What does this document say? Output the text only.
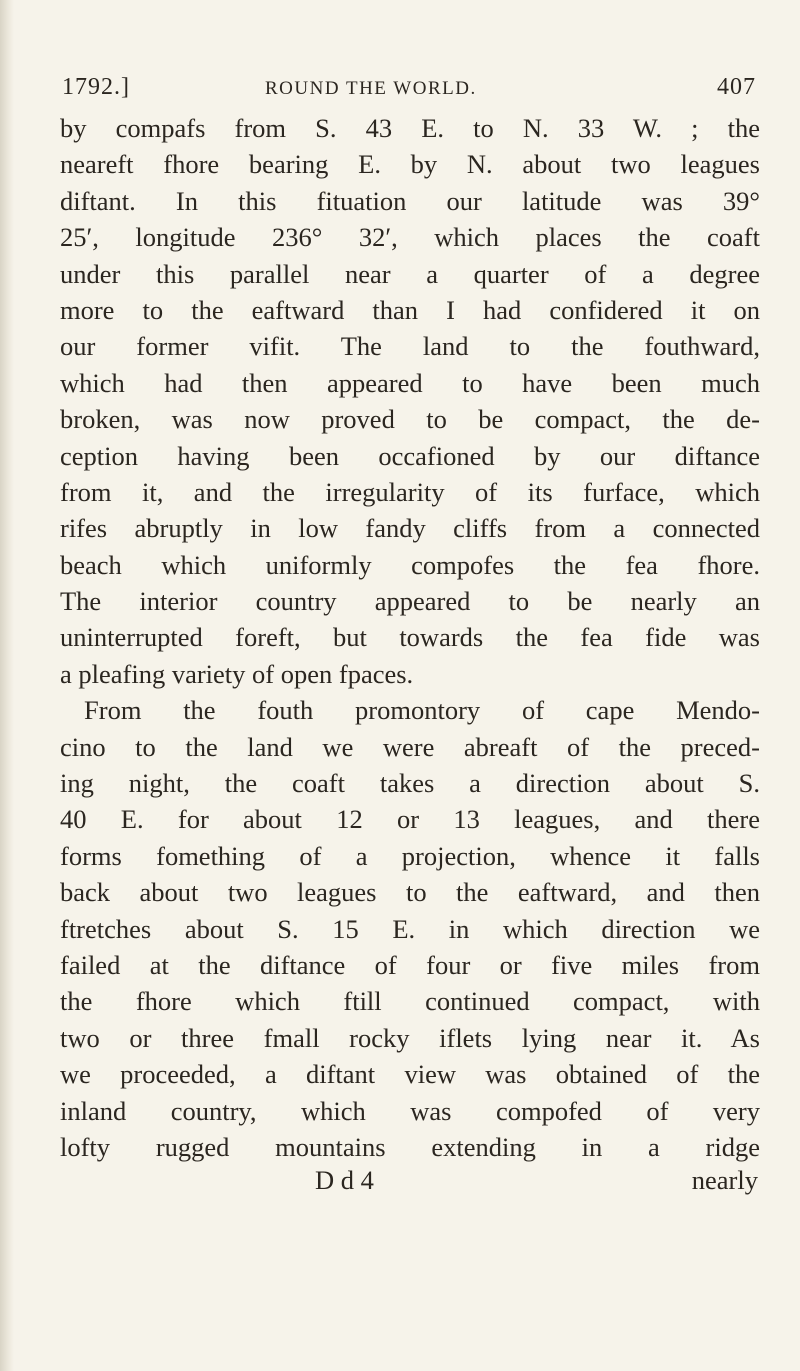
1792.]	ROUND THE WORLD.	407
by compafs from S. 43 E. to N. 33 W. ; the
neareft fhore bearing E. by N. about two leagues
diftant. In this fituation our latitude was 39°
25′, longitude 236° 32′, which places the coaft
under this parallel near a quarter of a degree
more to the eaftward than I had confidered it on
our former vifit. The land to the fouthward,
which had then appeared to have been much
broken, was now proved to be compact, the de-
ception having been occafioned by our diftance
from it, and the irregularity of its furface, which
rifes abruptly in low fandy cliffs from a connected
beach which uniformly compofes the fea fhore.
The interior country appeared to be nearly an
uninterrupted foreft, but towards the fea fide was
a pleafing variety of open fpaces.
From the fouth promontory of cape Mendo-
cino to the land we were abreaft of the preced-
ing night, the coaft takes a direction about S.
40 E. for about 12 or 13 leagues, and there
forms fomething of a projection, whence it falls
back about two leagues to the eaftward, and then
ftretches about S. 15 E. in which direction we
failed at the diftance of four or five miles from
the fhore which ftill continued compact, with
two or three fmall rocky iflets lying near it. As
we proceeded, a diftant view was obtained of the
inland country, which was compofed of very
lofty rugged mountains extending in a ridge
D d 4	nearly
